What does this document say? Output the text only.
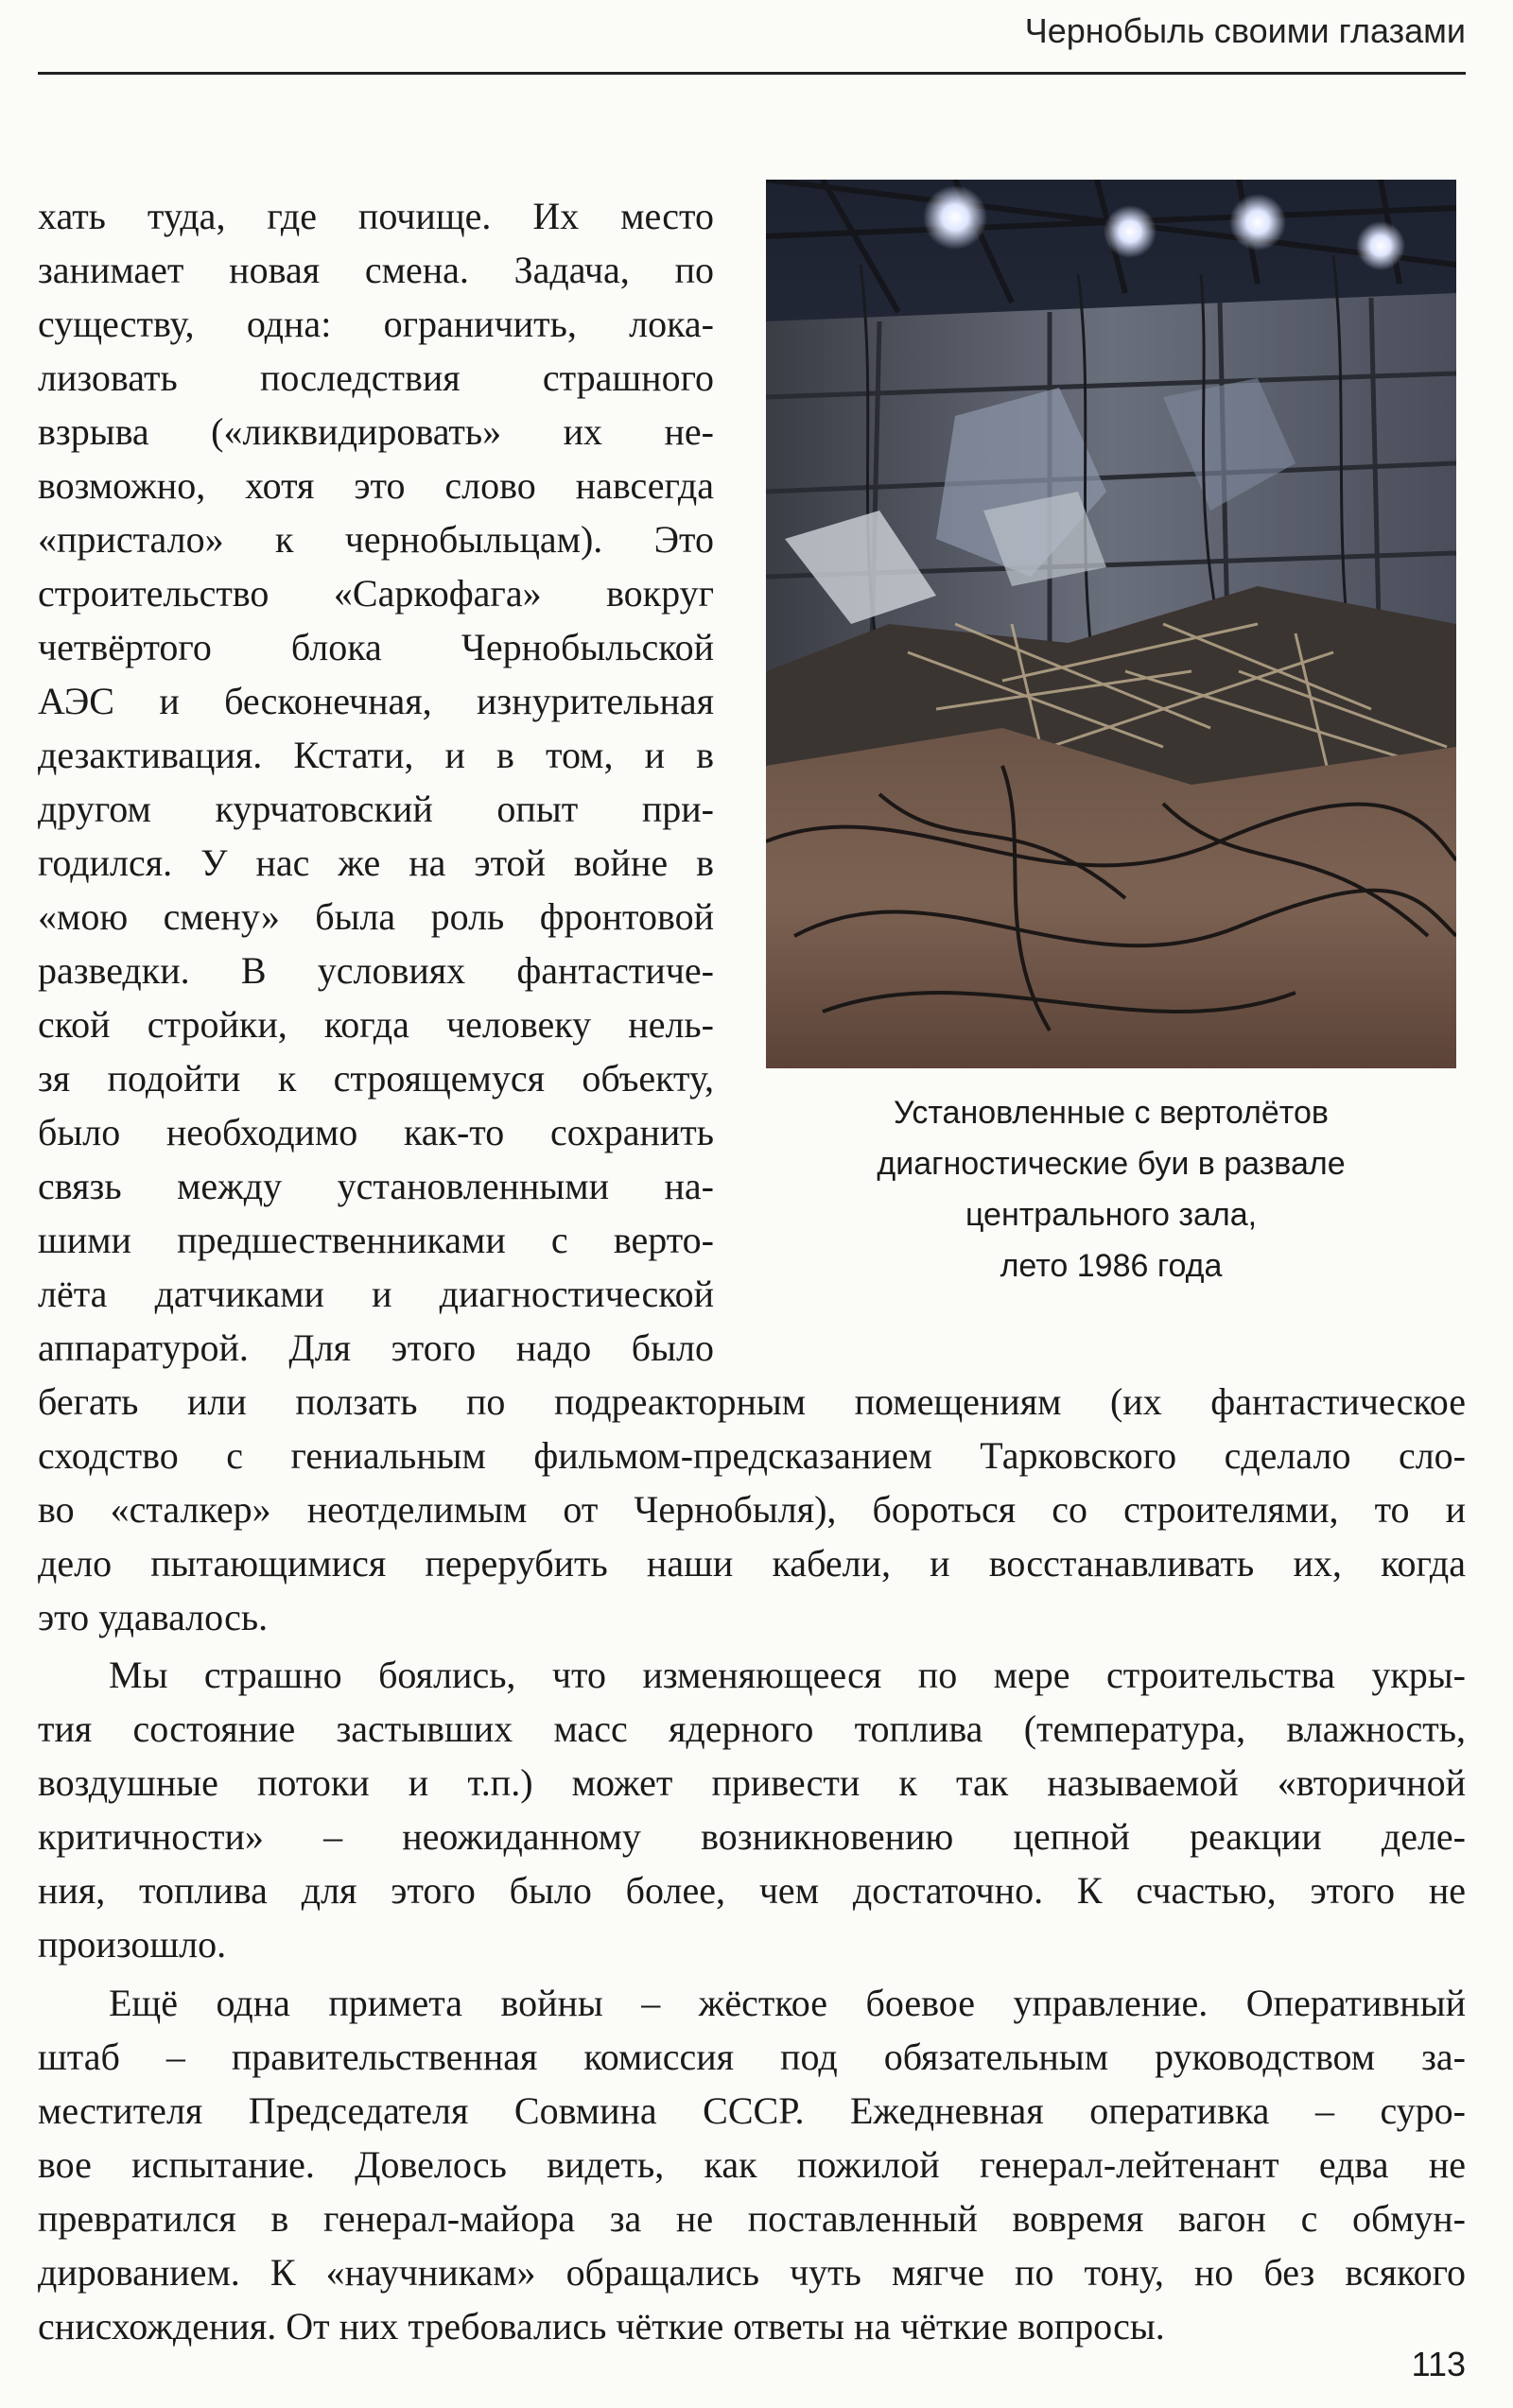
Чернобыль своими глазами
Установленные с вертолётов
диагностические буи в развале
центрального зала,
лето 1986 года
хать туда, где почище. Их место
занимает новая смена. Задача, по
существу, одна: ограничить, лока-
лизовать последствия страшного
взрыва («ликвидировать» их не-
возможно, хотя это слово навсегда
«пристало» к чернобыльцам). Это
строительство «Саркофага» вокруг
четвёртого блока Чернобыльской
АЭС и бесконечная, изнурительная
дезактивация. Кстати, и в том, и в
другом курчатовский опыт при-
годился. У нас же на этой войне в
«мою смену» была роль фронтовой
разведки. В условиях фантастиче-
ской стройки, когда человеку нель-
зя подойти к строящемуся объекту,
было необходимо как-то сохранить
связь между установленными на-
шими предшественниками с верто-
лёта датчиками и диагностической
аппаратурой. Для этого надо было
бегать или ползать по подреакторным помещениям (их фантастическое
сходство с гениальным фильмом-предсказанием Тарковского сделало сло-
во «сталкер» неотделимым от Чернобыля), бороться со строителями, то и
дело пытающимися перерубить наши кабели, и восстанавливать их, когда
это удавалось.
Мы страшно боялись, что изменяющееся по мере строительства укры-
тия состояние застывших масс ядерного топлива (температура, влажность,
воздушные потоки и т.п.) может привести к так называемой «вторичной
критичности» – неожиданному возникновению цепной реакции деле-
ния, топлива для этого было более, чем достаточно. К счастью, этого не
произошло.
Ещё одна примета войны – жёсткое боевое управление. Оперативный
штаб – правительственная комиссия под обязательным руководством за-
местителя Председателя Совмина СССР. Ежедневная оперативка – суро-
вое испытание. Довелось видеть, как пожилой генерал-лейтенант едва не
превратился в генерал-майора за не поставленный вовремя вагон с обмун-
дированием. К «научникам» обращались чуть мягче по тону, но без всякого
снисхождения. От них требовались чёткие ответы на чёткие вопросы.
113
